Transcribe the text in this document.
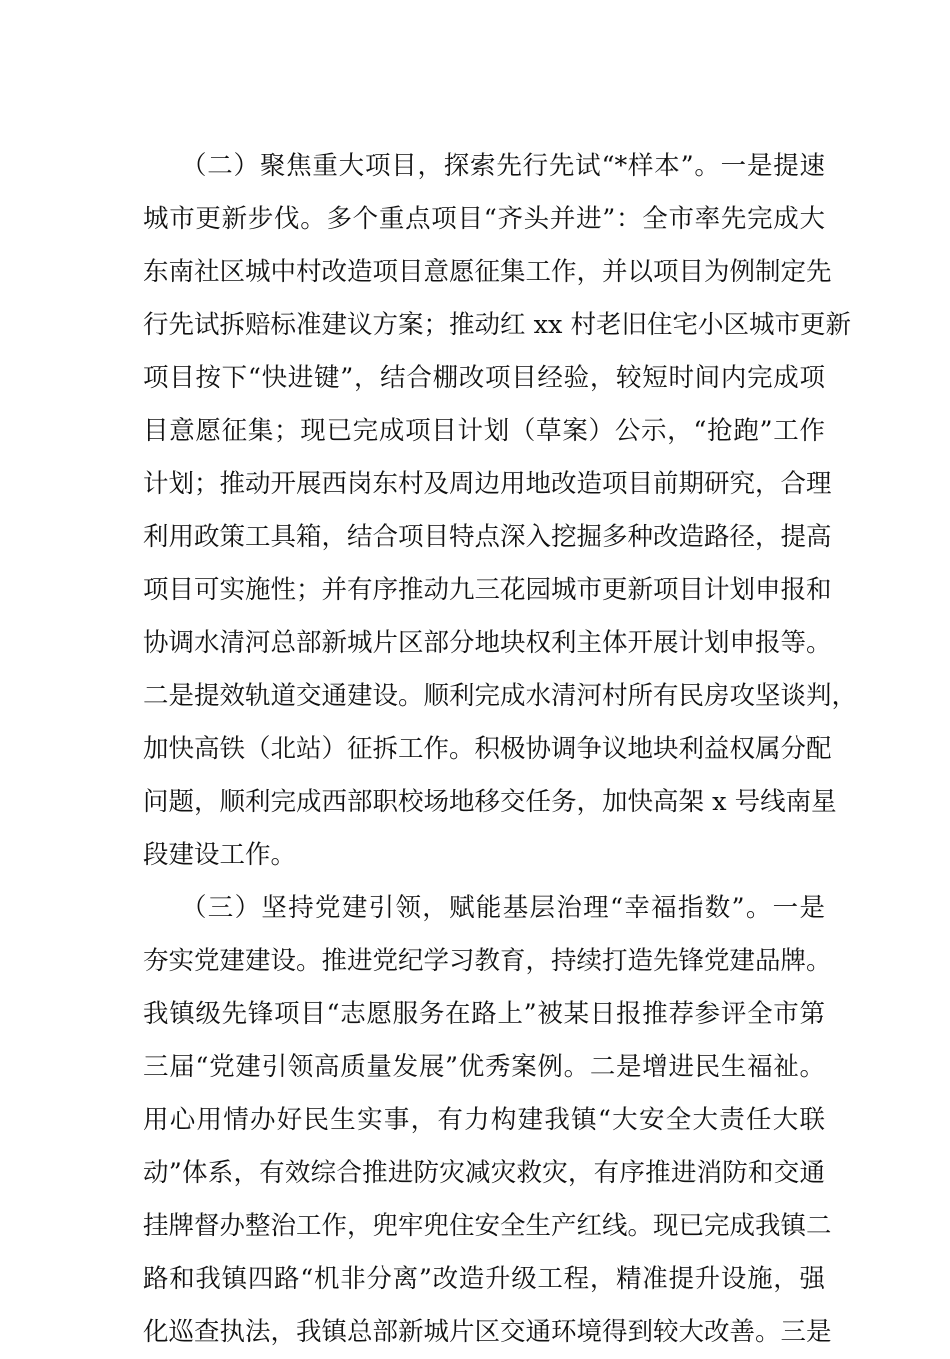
（二）聚焦重大项目，探索先行先试“*样本”。一是提速
城市更新步伐。多个重点项目“齐头并进”：全市率先完成大
东南社区城中村改造项目意愿征集工作，并以项目为例制定先
行先试拆赔标准建议方案；推动红 xx 村老旧住宅小区城市更新
项目按下“快进键”，结合棚改项目经验，较短时间内完成项
目意愿征集；现已完成项目计划（草案）公示，“抢跑”工作
计划；推动开展西岗东村及周边用地改造项目前期研究，合理
利用政策工具箱，结合项目特点深入挖掘多种改造路径，提高
项目可实施性；并有序推动九三花园城市更新项目计划申报和
协调水清河总部新城片区部分地块权利主体开展计划申报等。
二是提效轨道交通建设。顺利完成水清河村所有民房攻坚谈判，
加快高铁（北站）征拆工作。积极协调争议地块利益权属分配
问题，顺利完成西部职校场地移交任务，加快高架 x 号线南星
段建设工作。
（三）坚持党建引领，赋能基层治理“幸福指数”。一是
夯实党建建设。推进党纪学习教育，持续打造先锋党建品牌。
我镇级先锋项目“志愿服务在路上”被某日报推荐参评全市第
三届“党建引领高质量发展”优秀案例。二是增进民生福祉。
用心用情办好民生实事，有力构建我镇“大安全大责任大联
动”体系，有效综合推进防灾减灾救灾，有序推进消防和交通
挂牌督办整治工作，兜牢兜住安全生产红线。现已完成我镇二
路和我镇四路“机非分离”改造升级工程，精准提升设施，强
化巡查执法，我镇总部新城片区交通环境得到较大改善。三是
